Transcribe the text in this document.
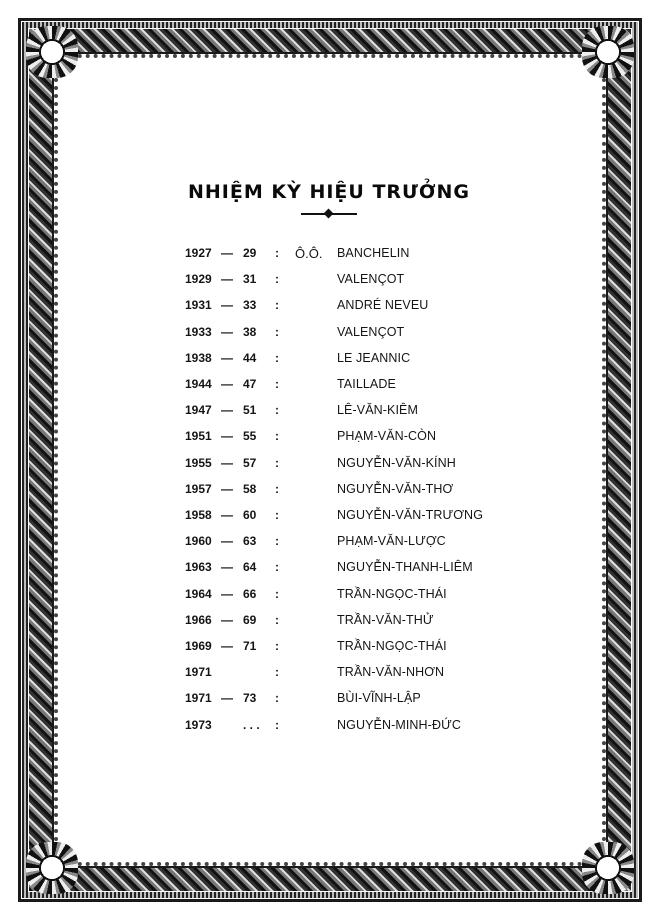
NHIỆM KỲ HIỆU TRƯỞNG
1927 — 29 : Ô.Ô. BANCHELIN
1929 — 31 :	VALENÇOT
1931 — 33 :	ANDRÉ NEVEU
1933 — 38 :	VALENÇOT
1938 — 44 :	LE JEANNIC
1944 — 47 :	TAILLADE
1947 — 51 :	LÊ-VĂN-KIÊM
1951 — 55 :	PHẠM-VĂN-CÒN
1955 — 57 :	NGUYỄN-VĂN-KÍNH
1957 — 58 :	NGUYỄN-VĂN-THƠ
1958 — 60 :	NGUYỄN-VĂN-TRƯƠNG
1960 — 63 :	PHẠM-VĂN-LƯỢC
1963 — 64 :	NGUYỄN-THANH-LIÊM
1964 — 66 :	TRẦN-NGỌC-THÁI
1966 — 69 :	TRẦN-VĂN-THỬ
1969 — 71 :	TRẦN-NGỌC-THÁI
1971	:	TRẦN-VĂN-NHƠN
1971 — 73 :	BÙI-VĨNH-LẬP
1973	. . . :	NGUYỄN-MINH-ĐỨC
